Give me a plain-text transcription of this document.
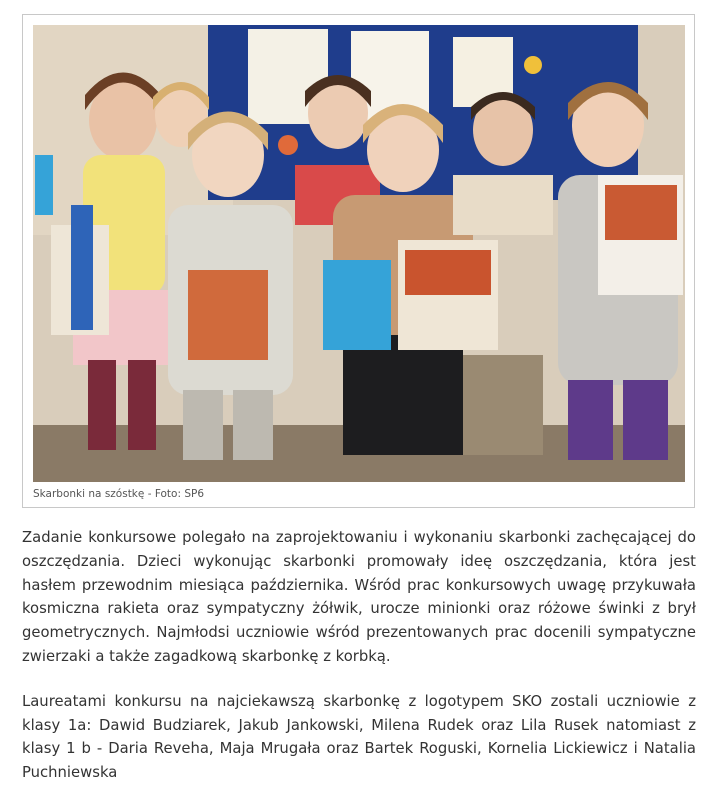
Skarbonki na szóstkę - Foto: SP6

Zadanie konkursowe polegało na zaprojektowaniu i wykonaniu skarbonki zachęcającej do oszczędzania. Dzieci wykonując skarbonki promowały ideę oszczędzania, która jest hasłem przewodnim miesiąca października. Wśród prac konkursowych uwagę przykuwała kosmiczna rakieta oraz sympatyczny żółwik, urocze minionki oraz różowe świnki z brył geometrycznych. Najmłodsi uczniowie wśród prezentowanych prac docenili sympatyczne zwierzaki a także zagadkową skarbonkę z korbką.

Laureatami konkursu na najciekawszą skarbonkę z logotypem SKO zostali uczniowie z klasy 1a: Dawid Budziarek, Jakub Jankowski, Milena Rudek oraz Lila Rusek natomiast z klasy 1 b - Daria Reveha, Maja Mrugała oraz Bartek Roguski, Kornelia Lickiewicz i Natalia Puchniewska
